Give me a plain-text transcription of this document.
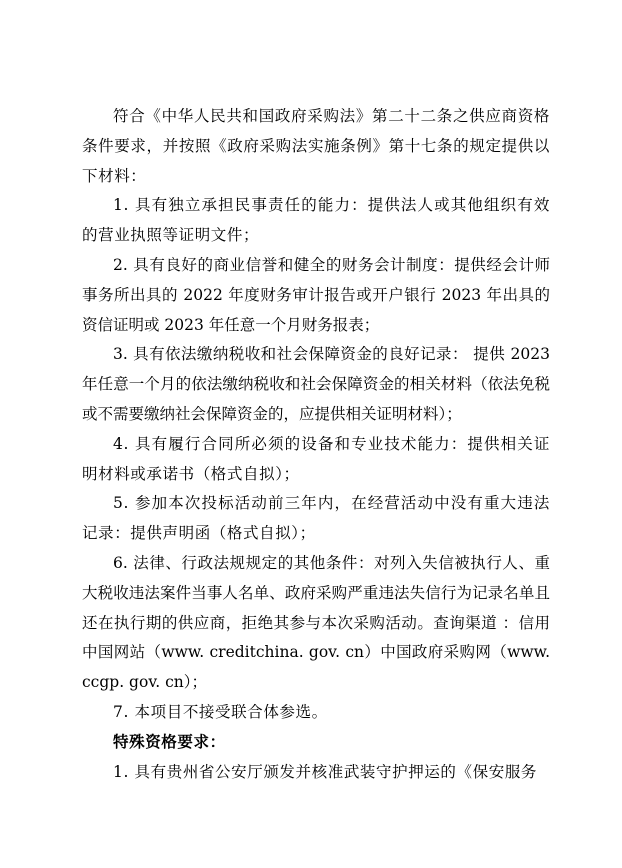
符合《中华人民共和国政府采购法》第二十二条之供应商资格条件要求，并按照《政府采购法实施条例》第十七条的规定提供以下材料：

1. 具有独立承担民事责任的能力：提供法人或其他组织有效的营业执照等证明文件；

2. 具有良好的商业信誉和健全的财务会计制度：提供经会计师事务所出具的 2022 年度财务审计报告或开户银行 2023 年出具的资信证明或 2023 年任意一个月财务报表；

3. 具有依法缴纳税收和社会保障资金的良好记录： 提供 2023 年任意一个月的依法缴纳税收和社会保障资金的相关材料（依法免税或不需要缴纳社会保障资金的，应提供相关证明材料）；

4. 具有履行合同所必须的设备和专业技术能力：提供相关证明材料或承诺书（格式自拟）；

5. 参加本次投标活动前三年内，在经营活动中没有重大违法记录：提供声明函（格式自拟）；

6. 法律、行政法规规定的其他条件：对列入失信被执行人、重大税收违法案件当事人名单、政府采购严重违法失信行为记录名单且还在执行期的供应商，拒绝其参与本次采购活动。查询渠道 ：信用中国网站（www. creditchina. gov. cn）中国政府采购网（www. ccgp. gov. cn）；

7. 本项目不接受联合体参选。

特殊资格要求：

1. 具有贵州省公安厅颁发并核准武装守护押运的《保安服务
